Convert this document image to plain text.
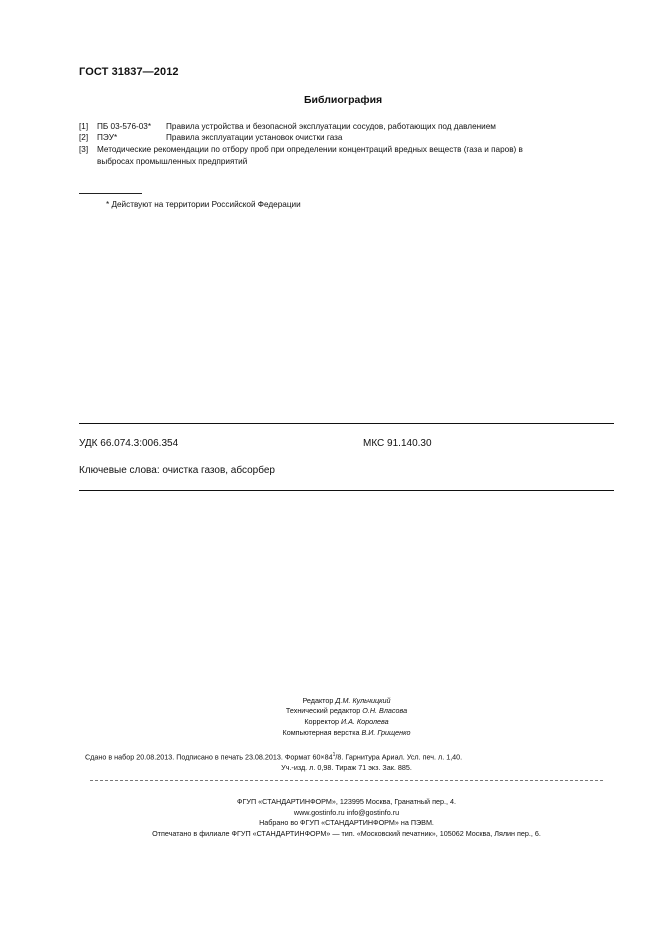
ГОСТ 31837—2012
Библиография
[1]	ПБ 03-576-03* Правила устройства и безопасной эксплуатации сосудов, работающих под давлением
[2]	ПЭУ*	Правила эксплуатации установок очистки газа
[3]	Методические рекомендации по отбору проб при определении концентраций вредных веществ (газа и паров) в
выбросах промышленных предприятий
* Действуют на территории Российской Федерации
УДК 66.074.3:006.354	МКС 91.140.30
Ключевые слова: очистка газов, абсорбер
Редактор Д.М. Кульчицкий
Технический редактор О.Н. Власова
Корректор И.А. Королева
Компьютерная верстка В.И. Грищенко
Сдано в набор 20.08.2013. Подписано в печать 23.08.2013. Формат $60\times 84^1/8$. Гарнитура Ариал. Усл. печ. л. 1,40.
Уч.-изд. л. 0,98. Тираж 71 экз. Зак. 885.
ФГУП «СТАНДАРТИНФОРМ», 123995 Москва, Гранатный пер., 4.
www.gostinfo.ru info@gostinfo.ru
Набрано во ФГУП «СТАНДАРТИНФОРМ» на ПЭВМ.
Отпечатано в филиале ФГУП «СТАНДАРТИНФОРМ» — тип. «Московский печатник», 105062 Москва, Лялин пер., 6.
